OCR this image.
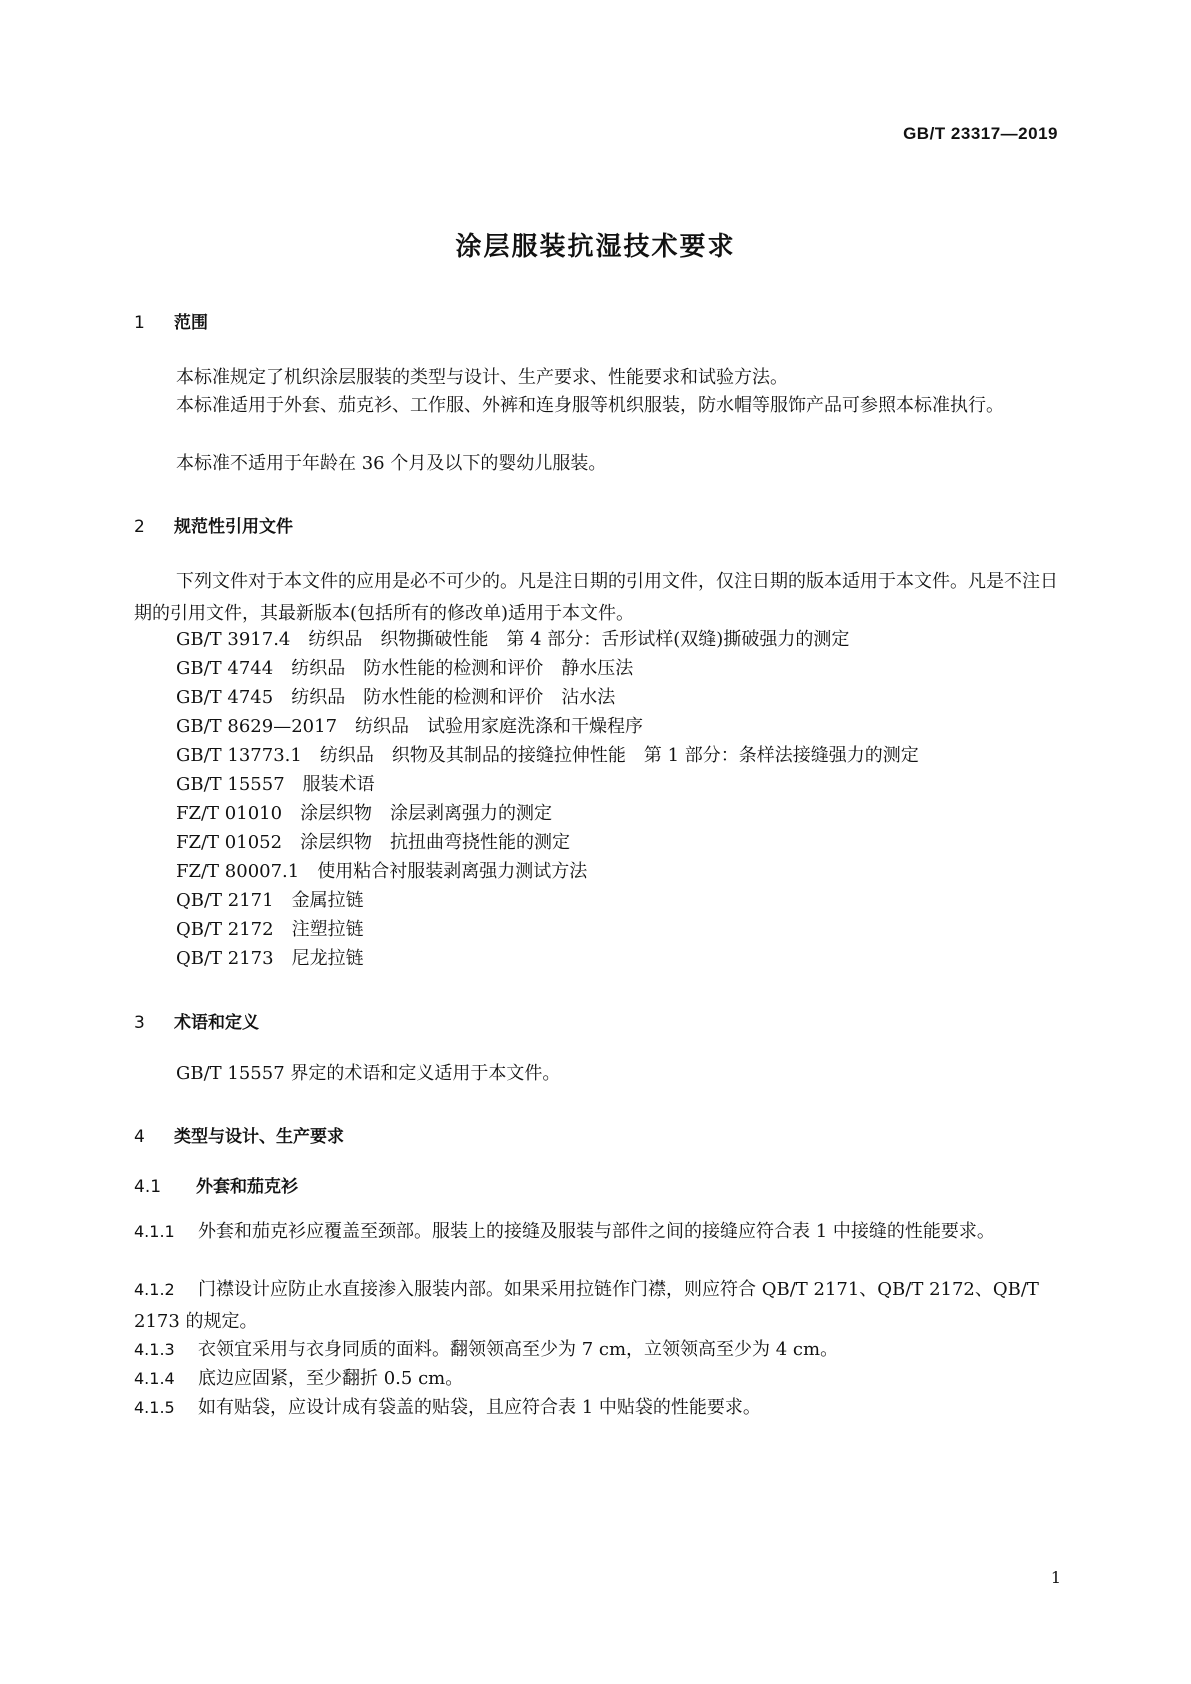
GB/T 23317—2019

涂层服装抗湿技术要求
1 范围

本标准规定了机织涂层服装的类型与设计、生产要求、性能要求和试验方法。

本标准适用于外套、茄克衫、工作服、外裤和连身服等机织服装，防水帽等服饰产品可参照本标准执行。

本标准不适用于年龄在 36 个月及以下的婴幼儿服装。

2 规范性引用文件

下列文件对于本文件的应用是必不可少的。凡是注日期的引用文件，仅注日期的版本适用于本文件。凡是不注日期的引用文件，其最新版本(包括所有的修改单)适用于本文件。

GB/T 3917.4 纺织品　织物撕破性能　第 4 部分：舌形试样(双缝)撕破强力的测定

GB/T 4744 纺织品　防水性能的检测和评价　静水压法

GB/T 4745 纺织品　防水性能的检测和评价　沾水法

GB/T 8629—2017 纺织品　试验用家庭洗涤和干燥程序

GB/T 13773.1 纺织品　织物及其制品的接缝拉伸性能　第 1 部分：条样法接缝强力的测定

GB/T 15557 服装术语

FZ/T 01010 涂层织物　涂层剥离强力的测定

FZ/T 01052 涂层织物　抗扭曲弯挠性能的测定

FZ/T 80007.1 使用粘合衬服装剥离强力测试方法

QB/T 2171 金属拉链

QB/T 2172 注塑拉链

QB/T 2173 尼龙拉链

3 术语和定义

GB/T 15557 界定的术语和定义适用于本文件。

4 类型与设计、生产要求
4.1 外套和茄克衫

4.1.1 外套和茄克衫应覆盖至颈部。服装上的接缝及服装与部件之间的接缝应符合表 1 中接缝的性能要求。

4.1.2 门襟设计应防止水直接渗入服装内部。如果采用拉链作门襟，则应符合 QB/T 2171、QB/T 2172、QB/T 2173 的规定。

4.1.3 衣领宜采用与衣身同质的面料。翻领领高至少为 7 cm，立领领高至少为 4 cm。

4.1.4 底边应固紧，至少翻折 0.5 cm。

4.1.5 如有贴袋，应设计成有袋盖的贴袋，且应符合表 1 中贴袋的性能要求。

1
